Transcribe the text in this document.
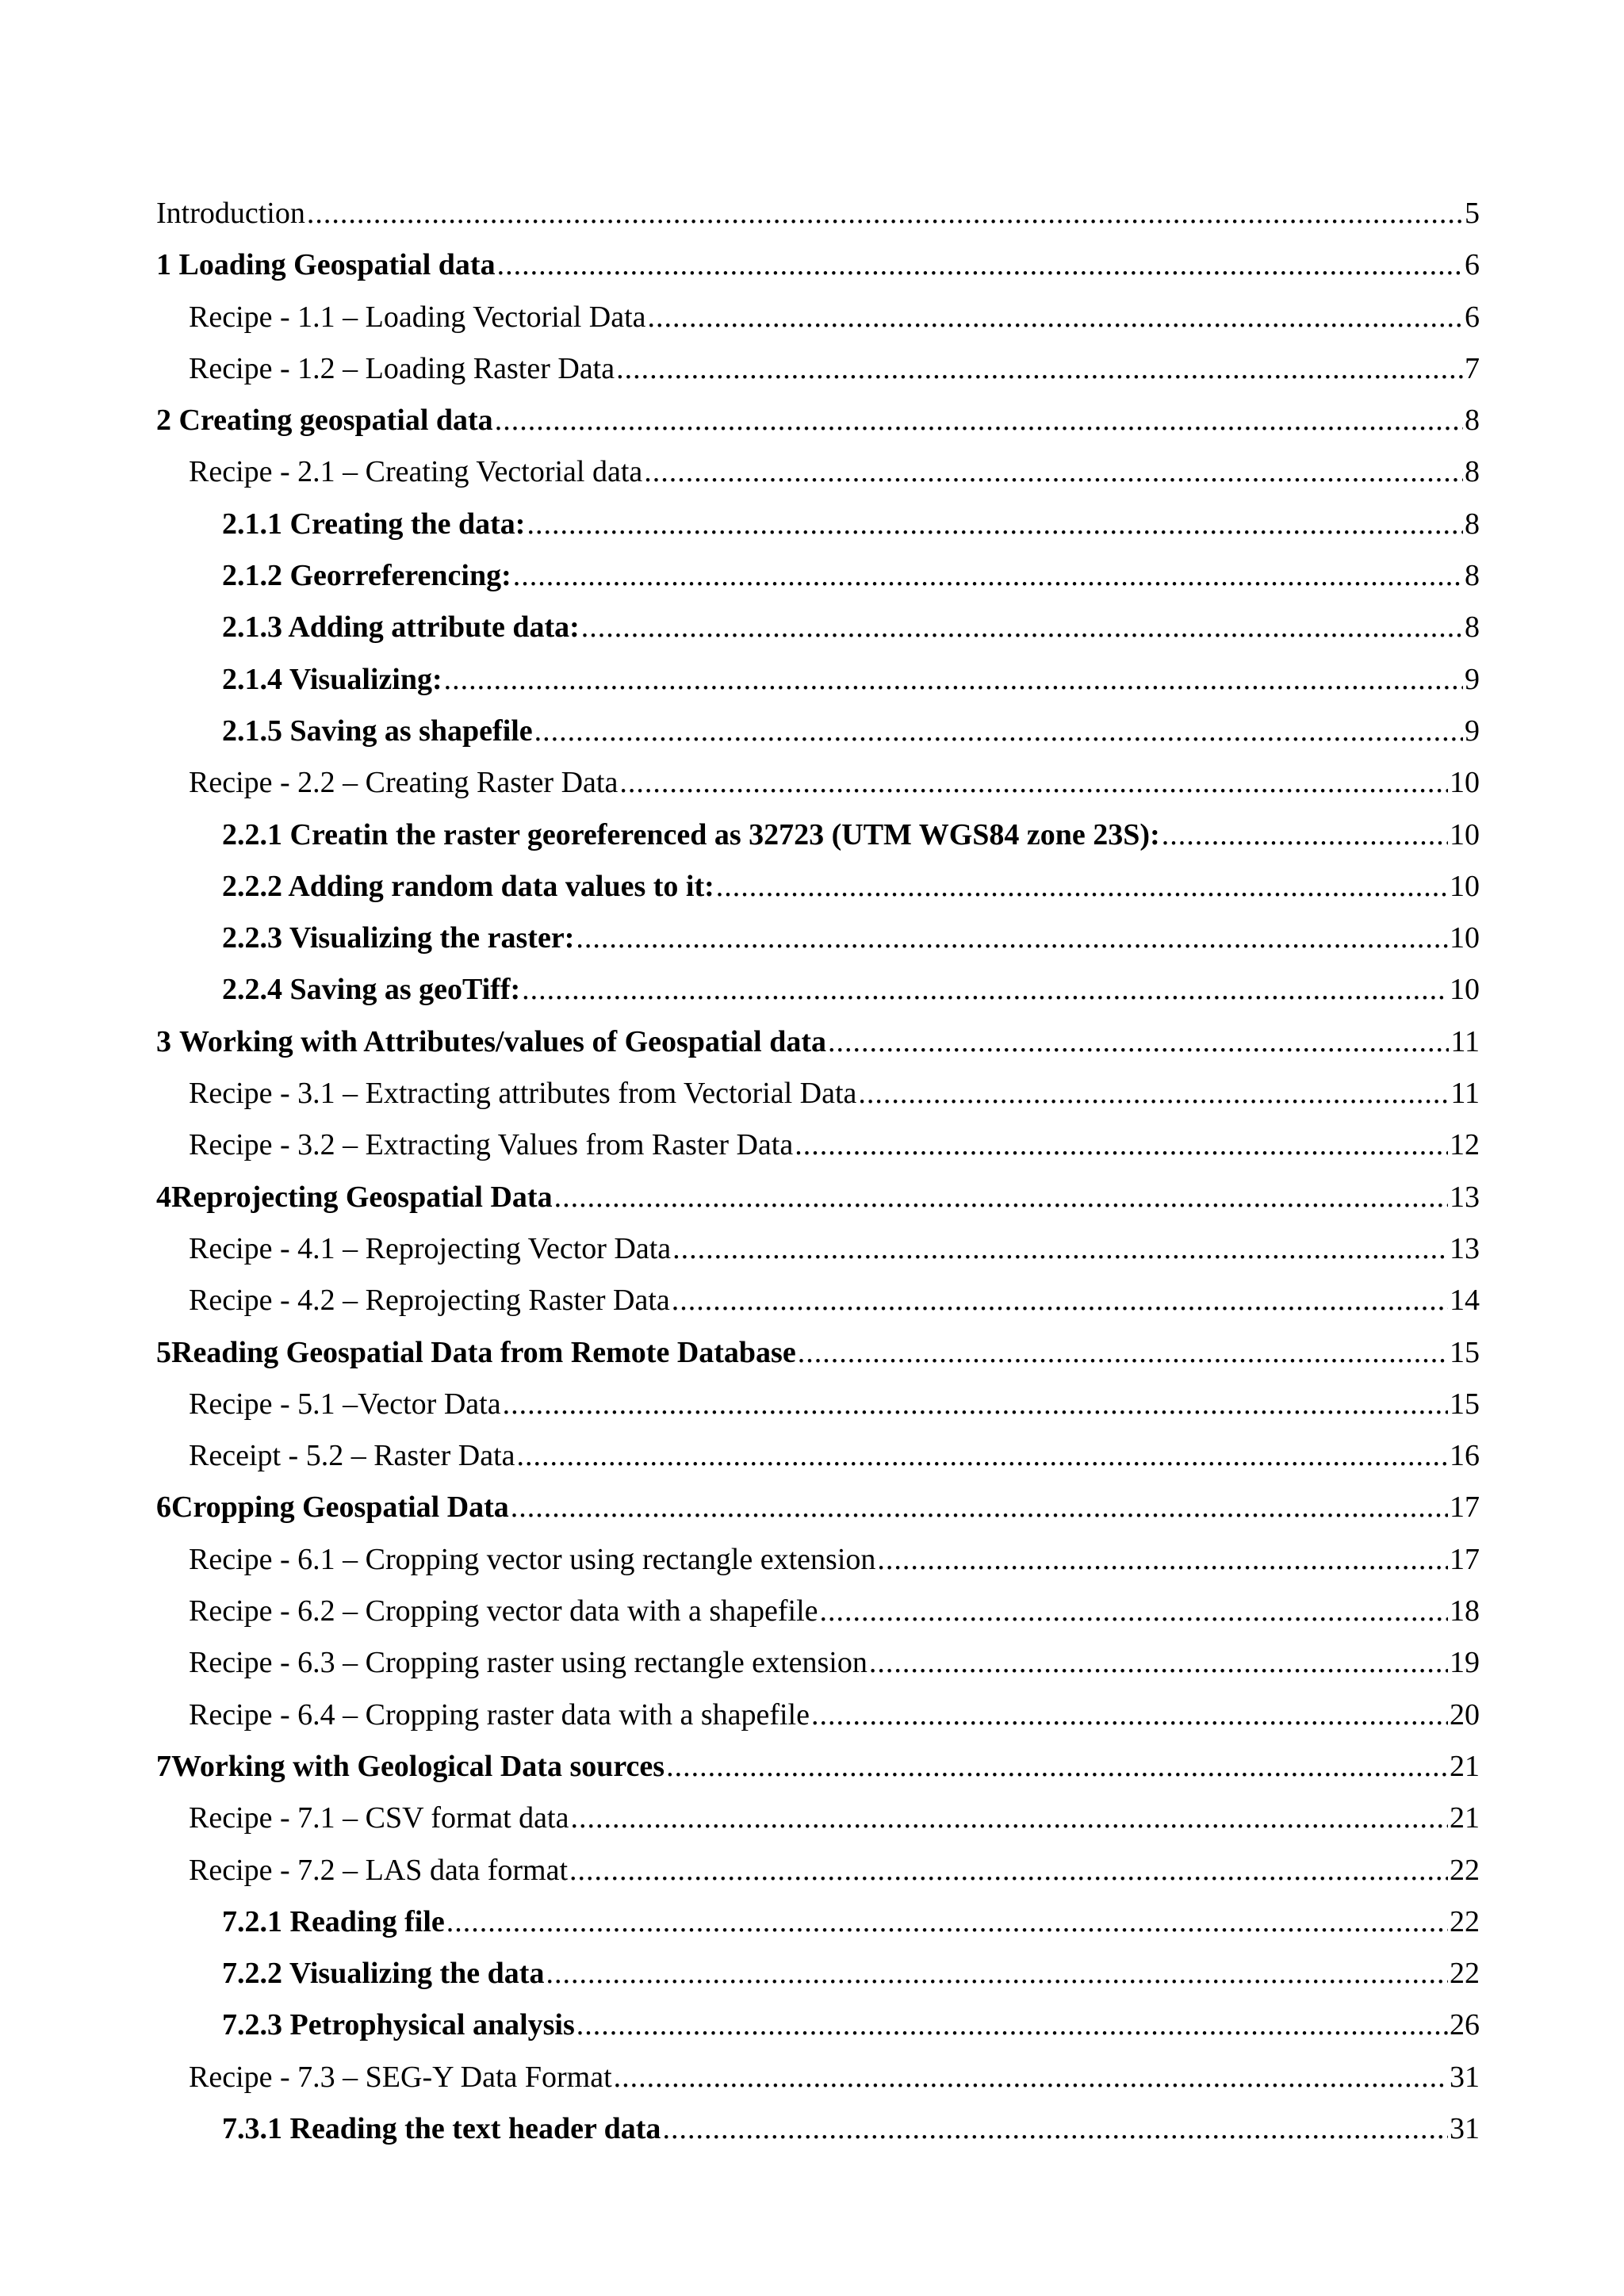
Introduction .....	5
1 Loading Geospatial data .....	6
Recipe - 1.1 – Loading Vectorial Data .....	6
Recipe - 1.2 – Loading Raster Data .....	7
2 Creating geospatial data .....	8
Recipe - 2.1 – Creating Vectorial data .....	8
2.1.1 Creating the data: .....	8
2.1.2 Georreferencing: .....	8
2.1.3 Adding attribute data: .....	8
2.1.4 Visualizing: .....	9
2.1.5 Saving as shapefile .....	9
Recipe - 2.2 – Creating Raster Data .....	10
2.2.1 Creatin the raster georeferenced as 32723 (UTM WGS84 zone 23S): .....	10
2.2.2 Adding random data values to it: .....	10
2.2.3 Visualizing the raster: .....	10
2.2.4 Saving as geoTiff: .....	10
3 Working with Attributes/values of Geospatial data .....	11
Recipe - 3.1 – Extracting attributes from Vectorial Data .....	11
Recipe - 3.2 – Extracting Values from Raster Data .....	12
4 Reprojecting Geospatial Data .....	13
Recipe - 4.1 – Reprojecting Vector Data .....	13
Recipe - 4.2 – Reprojecting Raster Data .....	14
5 Reading Geospatial Data from Remote Database .....	15
Recipe - 5.1 –Vector Data .....	15
Receipt - 5.2 – Raster Data .....	16
6 Cropping Geospatial Data .....	17
Recipe - 6.1 – Cropping vector using rectangle extension .....	17
Recipe - 6.2 – Cropping vector data with a shapefile .....	18
Recipe - 6.3 – Cropping raster using rectangle extension .....	19
Recipe - 6.4 – Cropping raster data with a shapefile .....	20
7 Working with Geological Data sources .....	21
Recipe - 7.1 – CSV format data .....	21
Recipe - 7.2 – LAS data format .....	22
7.2.1 Reading file .....	22
7.2.2 Visualizing the data .....	22
7.2.3 Petrophysical analysis .....	26
Recipe - 7.3 – SEG-Y Data Format .....	31
7.3.1 Reading the text header data .....	31
